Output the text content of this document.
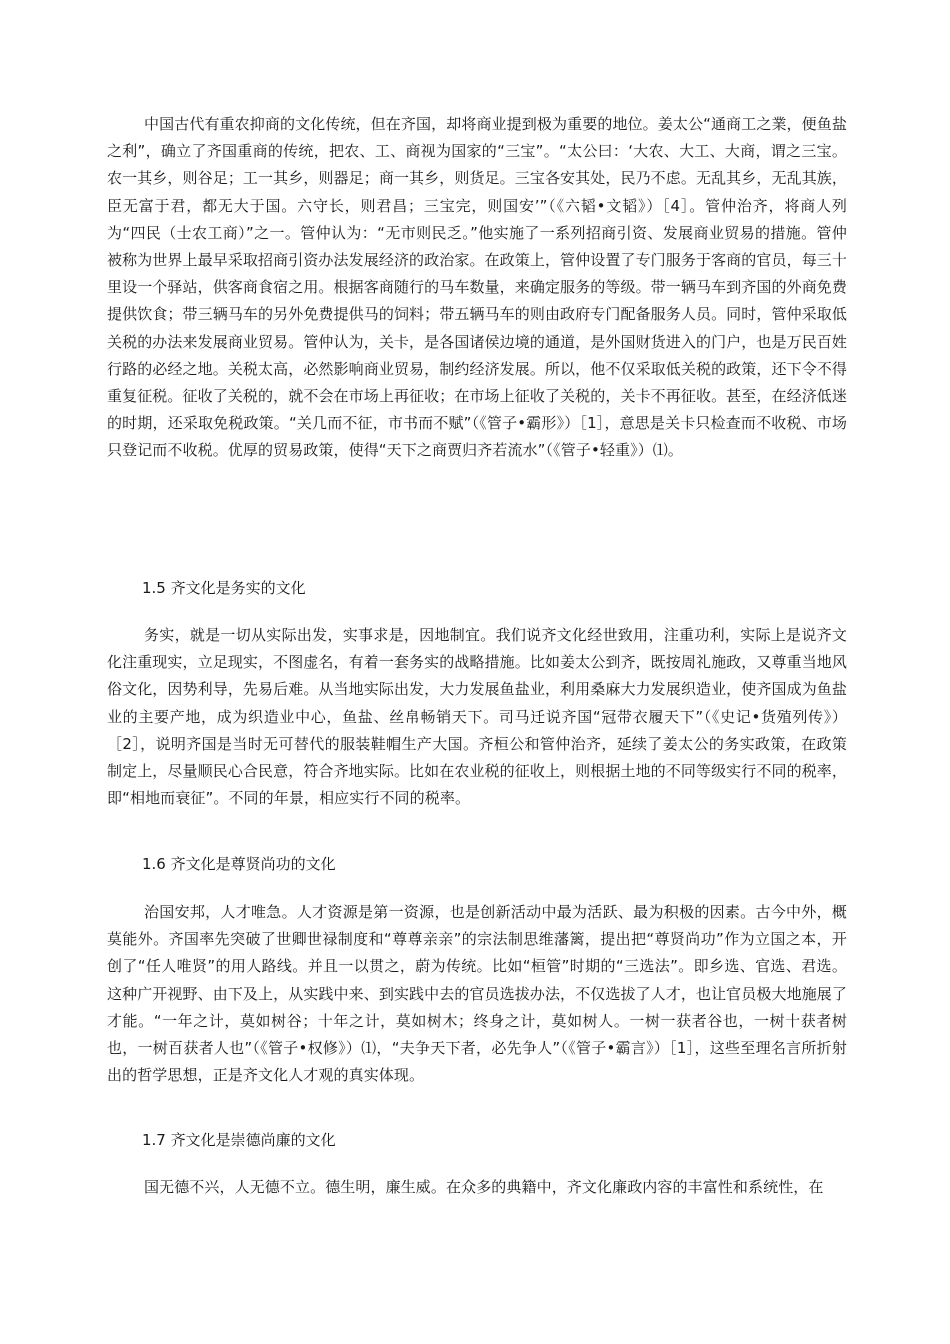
中国古代有重农抑商的文化传统，但在齐国，却将商业提到极为重要的地位。姜太公“通商工之業，便鱼盐之利”，确立了齐国重商的传统，把农、工、商视为国家的“三宝”。“太公曰：‘大农、大工、大商，谓之三宝。农一其乡，则谷足；工一其乡，则器足；商一其乡，则货足。三宝各安其处，民乃不虑。无乱其乡，无乱其族，臣无富于君，都无大于国。六守长，则君昌；三宝完，则国安’”（《六韬•文韬》）［4］。管仲治齐，将商人列为“四民（士农工商）”之一。管仲认为：“无市则民乏。”他实施了一系列招商引资、发展商业贸易的措施。管仲被称为世界上最早采取招商引资办法发展经济的政治家。在政策上，管仲设置了专门服务于客商的官员，每三十里设一个驿站，供客商食宿之用。根据客商随行的马车数量，来确定服务的等级。带一辆马车到齐国的外商免费提供饮食；带三辆马车的另外免费提供马的饲料；带五辆马车的则由政府专门配备服务人员。同时，管仲采取低关税的办法来发展商业贸易。管仲认为，关卡，是各国诸侯边境的通道，是外国财货进入的门户，也是万民百姓行路的必经之地。关税太高，必然影响商业贸易，制约经济发展。所以，他不仅采取低关税的政策，还下令不得重复征税。征收了关税的，就不会在市场上再征收；在市场上征收了关税的，关卡不再征收。甚至，在经济低迷的时期，还采取免税政策。“关几而不征，市书而不赋”（《管子•霸形》）［1］，意思是关卡只检查而不收税、市场只登记而不收税。优厚的贸易政策，使得“天下之商贾归齐若流水”（《管子•轻重》）⑴。

1.5 齐文化是务实的文化

务实，就是一切从实际出发，实事求是，因地制宜。我们说齐文化经世致用，注重功利，实际上是说齐文化注重现实，立足现实，不图虚名，有着一套务实的战略措施。比如姜太公到齐，既按周礼施政，又尊重当地风俗文化，因势利导，先易后难。从当地实际出发，大力发展鱼盐业，利用桑麻大力发展织造业，使齐国成为鱼盐业的主要产地，成为织造业中心，鱼盐、丝帛畅销天下。司马迁说齐国“冠带衣履天下”（《史记•货殖列传》）［2］，说明齐国是当时无可替代的服装鞋帽生产大国。齐桓公和管仲治齐，延续了姜太公的务实政策，在政策制定上，尽量顺民心合民意，符合齐地实际。比如在农业税的征收上，则根据土地的不同等级实行不同的税率，即“相地而衰征”。不同的年景，相应实行不同的税率。

1.6 齐文化是尊贤尚功的文化

治国安邦，人才唯急。人才资源是第一资源，也是创新活动中最为活跃、最为积极的因素。古今中外，概莫能外。齐国率先突破了世卿世禄制度和“尊尊亲亲”的宗法制思维藩篱，提出把“尊贤尚功”作为立国之本，开创了“任人唯贤”的用人路线。并且一以贯之，蔚为传统。比如“桓管”时期的“三选法”。即乡选、官选、君选。这种广开视野、由下及上，从实践中来、到实践中去的官员选拔办法，不仅选拔了人才，也让官员极大地施展了才能。“一年之计，莫如树谷；十年之计，莫如树木；终身之计，莫如树人。一树一获者谷也，一树十获者树也，一树百获者人也”（《管子•权修》）⑴，“夫争天下者，必先争人”（《管子•霸言》）［1］，这些至理名言所折射出的哲学思想，正是齐文化人才观的真实体现。

1.7 齐文化是崇德尚廉的文化

国无德不兴，人无德不立。德生明，廉生威。在众多的典籍中，齐文化廉政内容的丰富性和系统性，在
